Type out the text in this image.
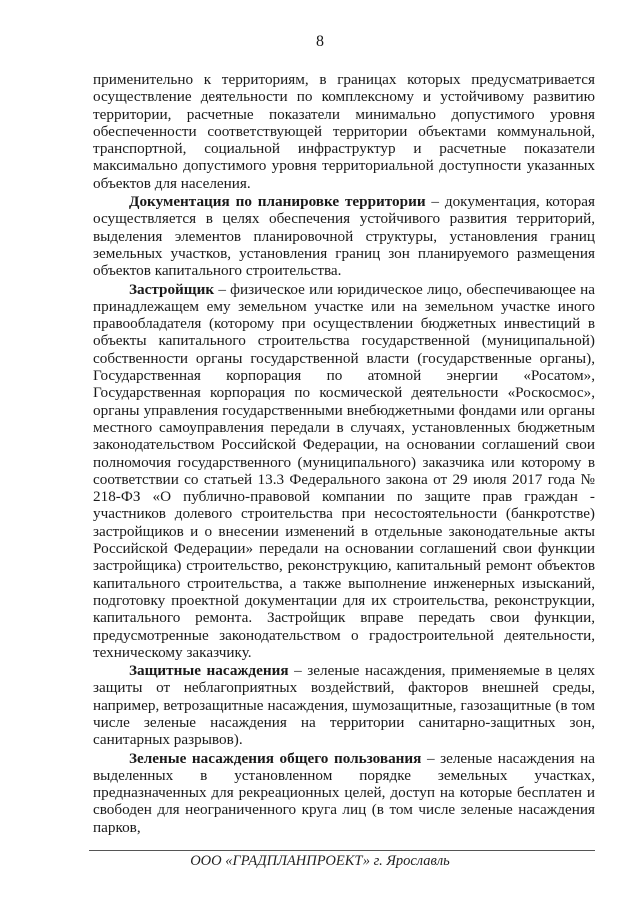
8

применительно к территориям, в границах которых предусматривается осуществление деятельности по комплексному и устойчивому развитию территории, расчетные показатели минимально допустимого уровня обеспеченности соответствующей территории объектами коммунальной, транспортной, социальной инфраструктур и расчетные показатели максимально допустимого уровня территориальной доступности указанных объектов для населения.

Документация по планировке территории – документация, которая осуществляется в целях обеспечения устойчивого развития территорий, выделения элементов планировочной структуры, установления границ земельных участков, установления границ зон планируемого размещения объектов капитального строительства.

Застройщик – физическое или юридическое лицо, обеспечивающее на принадлежащем ему земельном участке или на земельном участке иного правообладателя (которому при осуществлении бюджетных инвестиций в объекты капитального строительства государственной (муниципальной) собственности органы государственной власти (государственные органы), Государственная корпорация по атомной энергии «Росатом», Государственная корпорация по космической деятельности «Роскосмос», органы управления государственными внебюджетными фондами или органы местного самоуправления передали в случаях, установленных бюджетным законодательством Российской Федерации, на основании соглашений свои полномочия государственного (муниципального) заказчика или которому в соответствии со статьей 13.3 Федерального закона от 29 июля 2017 года № 218-ФЗ «О публично-правовой компании по защите прав граждан - участников долевого строительства при несостоятельности (банкротстве) застройщиков и о внесении изменений в отдельные законодательные акты Российской Федерации» передали на основании соглашений свои функции застройщика) строительство, реконструкцию, капитальный ремонт объектов капитального строительства, а также выполнение инженерных изысканий, подготовку проектной документации для их строительства, реконструкции, капитального ремонта. Застройщик вправе передать свои функции, предусмотренные законодательством о градостроительной деятельности, техническому заказчику.

Защитные насаждения – зеленые насаждения, применяемые в целях защиты от неблагоприятных воздействий, факторов внешней среды, например, ветрозащитные насаждения, шумозащитные, газозащитные (в том числе зеленые насаждения на территории санитарно-защитных зон, санитарных разрывов).

Зеленые насаждения общего пользования – зеленые насаждения на выделенных в установленном порядке земельных участках, предназначенных для рекреационных целей, доступ на которые бесплатен и свободен для неограниченного круга лиц (в том числе зеленые насаждения парков,

ООО «ГРАДПЛАНПРОЕКТ» г. Ярославль
